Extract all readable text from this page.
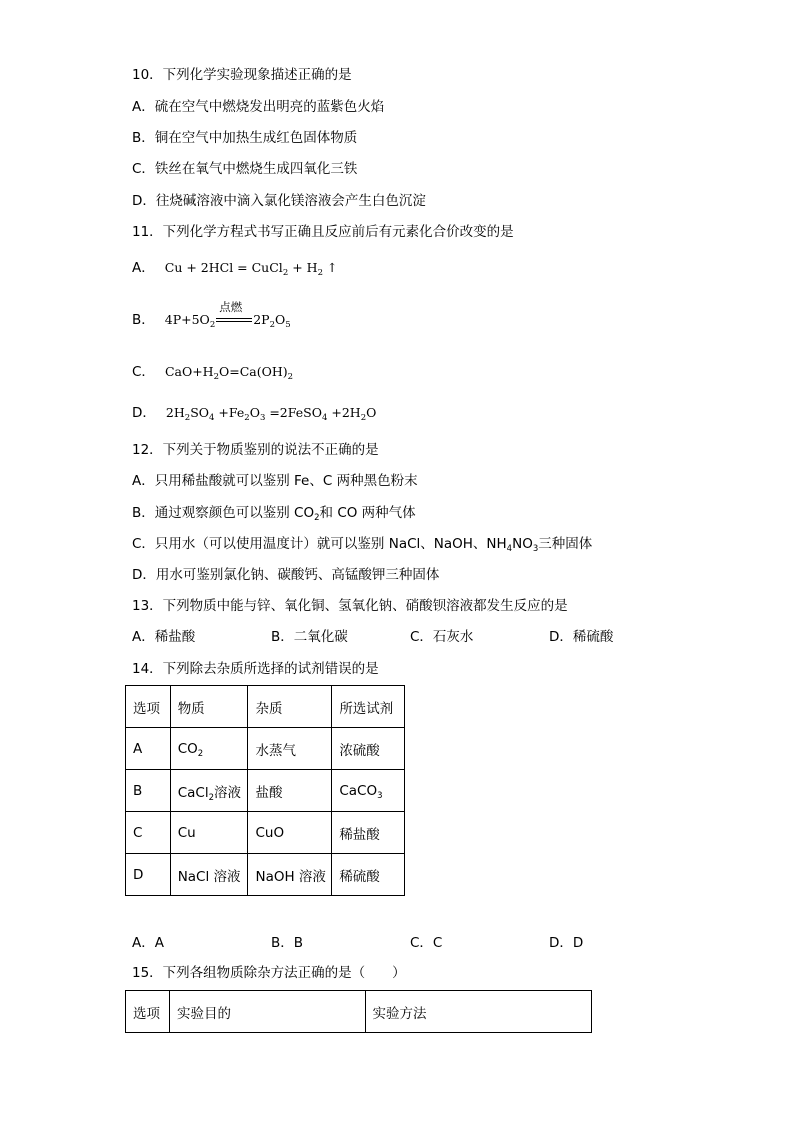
10．下列化学实验现象描述正确的是
A．硫在空气中燃烧发出明亮的蓝紫色火焰
B．铜在空气中加热生成红色固体物质
C．铁丝在氧气中燃烧生成四氧化三铁
D．往烧碱溶液中滴入氯化镁溶液会产生白色沉淀
11．下列化学方程式书写正确且反应前后有元素化合价改变的是
A． Cu + 2HCl = CuCl$_2$ + $H_2$ ↑
B． $4P+5O_2$
点燃
$2P_2O_5$
C． $CaO+H_2O=Ca(OH)_2$
D． $2H_2SO_4 +Fe_2O_3$ =2FeSO$_4$ $+2H_2O$
12．下列关于物质鉴别的说法不正确的是
A．只用稀盐酸就可以鉴别 Fe、C 两种黑色粉末
B．通过观察颜色可以鉴别 $CO_2$和 CO 两种气体
C．只用水（可以使用温度计）就可以鉴别 NaCl、NaOH、$NH_4NO_3$三种固体
D．用水可鉴别氯化钠、碳酸钙、高锰酸钾三种固体
13．下列物质中能与锌、氧化铜、氢氧化钠、硝酸钡溶液都发生反应的是
A．稀盐酸	B．二氧化碳	C．石灰水	D．稀硫酸
14．下列除去杂质所选择的试剂错误的是
选项	物质	杂质	所选试剂
A	$CO_2$	水蒸气	浓硫酸
B	CaCl$_2$溶液	盐酸	CaCO$_3$
C	Cu	CuO	稀盐酸
D	NaCl 溶液	NaOH 溶液	稀硫酸
A．A	B．B	C．C	D．D
15．下列各组物质除杂方法正确的是（　　）
选项	实验目的	实验方法
